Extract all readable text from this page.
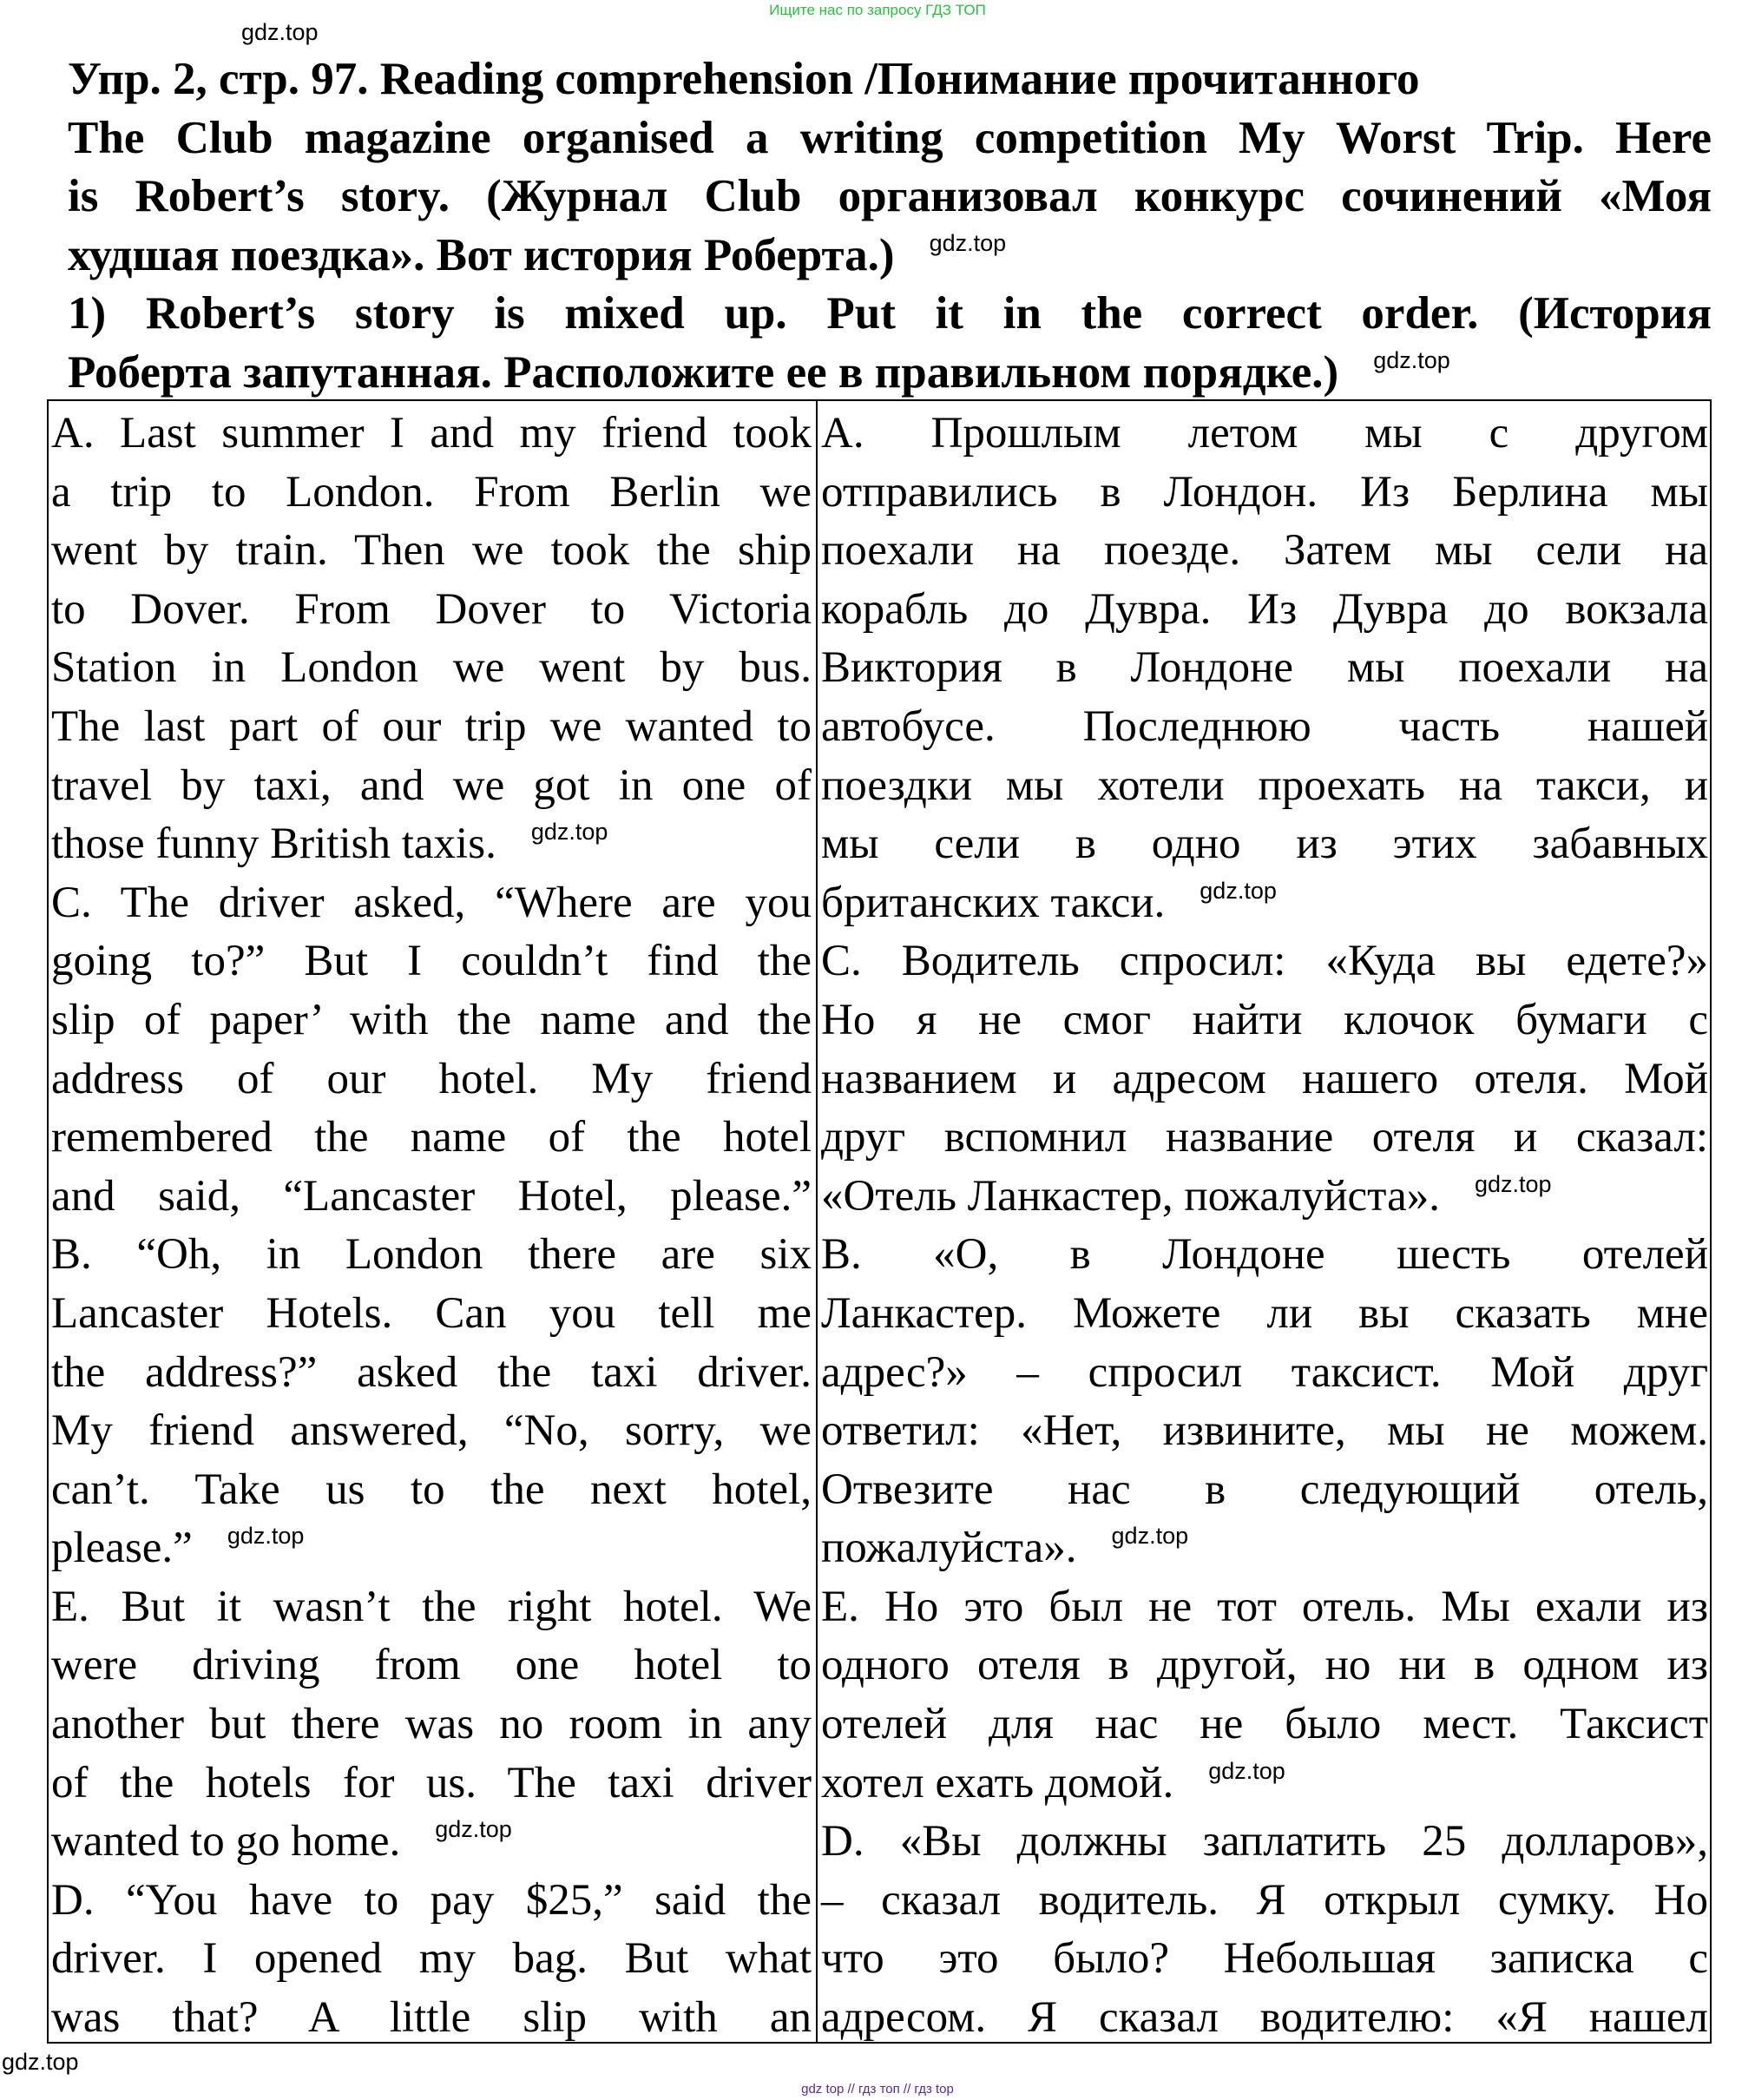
Ищите нас по запросу ГДЗ ТОП
gdz.top
Упр. 2, стр. 97. Reading comprehension /Понимание прочитанного
The Club magazine organised a writing competition My Worst Trip. Here
is Robert’s story. (Журнал Club организовал конкурс сочинений «Моя
худшая поездка». Вот история Роберта.) gdz.top
1) Robert’s story is mixed up. Put it in the correct order. (История
Роберта запутанная. Расположите ее в правильном порядке.) gdz.top
A. Last summer I and my friend took
a trip to London. From Berlin we
went by train. Then we took the ship
to Dover. From Dover to Victoria
Station in London we went by bus.
The last part of our trip we wanted to
travel by taxi, and we got in one of
those funny British taxis. gdz.top
C. The driver asked, “Where are you
going to?” But I couldn’t find the
slip of paper’ with the name and the
address of our hotel. My friend
remembered the name of the hotel
and said, “Lancaster Hotel, please.”
B. “Oh, in London there are six
Lancaster Hotels. Can you tell me
the address?” asked the taxi driver.
My friend answered, “No, sorry, we
can’t. Take us to the next hotel,
please.” gdz.top
E. But it wasn’t the right hotel. We
were driving from one hotel to
another but there was no room in any
of the hotels for us. The taxi driver
wanted to go home. gdz.top
D. “You have to pay $25,” said the
driver. I opened my bag. But what
was that? A little slip with an
А. Прошлым летом мы с другом
отправились в Лондон. Из Берлина мы
поехали на поезде. Затем мы сели на
корабль до Дувра. Из Дувра до вокзала
Виктория в Лондоне мы поехали на
автобусе. Последнюю часть нашей
поездки мы хотели проехать на такси, и
мы сели в одно из этих забавных
британских такси. gdz.top
С. Водитель спросил: «Куда вы едете?»
Но я не смог найти клочок бумаги с
названием и адресом нашего отеля. Мой
друг вспомнил название отеля и сказал:
«Отель Ланкастер, пожалуйста». gdz.top
В. «О, в Лондоне шесть отелей
Ланкастер. Можете ли вы сказать мне
адрес?» – спросил таксист. Мой друг
ответил: «Нет, извините, мы не можем.
Отвезите нас в следующий отель,
пожалуйста». gdz.top
Е. Но это был не тот отель. Мы ехали из
одного отеля в другой, но ни в одном из
отелей для нас не было мест. Таксист
хотел ехать домой. gdz.top
D. «Вы должны заплатить 25 долларов»,
– сказал водитель. Я открыл сумку. Но
что это было? Небольшая записка с
адресом. Я сказал водителю: «Я нашел
gdz.top
gdz top // гдз топ // гдз top
